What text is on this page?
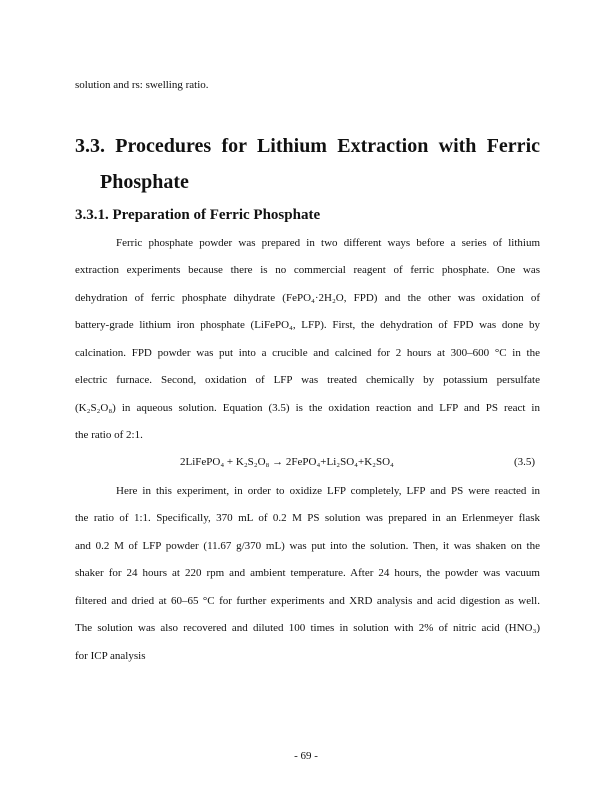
solution and rs: swelling ratio.
3.3. Procedures for Lithium Extraction with Ferric
Phosphate
3.3.1. Preparation of Ferric Phosphate
Ferric phosphate powder was prepared in two different ways before a series of lithium
extraction experiments because there is no commercial reagent of ferric phosphate. One was
dehydration of ferric phosphate dihydrate (FePO₄·2H₂O, FPD) and the other was oxidation of
battery-grade lithium iron phosphate (LiFePO₄, LFP). First, the dehydration of FPD was done by
calcination. FPD powder was put into a crucible and calcined for 2 hours at 300–600 °C in the
electric furnace. Second, oxidation of LFP was treated chemically by potassium persulfate
(K₂S₂O₈) in aqueous solution. Equation (3.5) is the oxidation reaction and LFP and PS react in
the ratio of 2:1.
2LiFePO₄ + K₂S₂O₈ → 2FePO₄+Li₂SO₄+K₂SO₄	(3.5)
Here in this experiment, in order to oxidize LFP completely, LFP and PS were reacted in
the ratio of 1:1. Specifically, 370 mL of 0.2 M PS solution was prepared in an Erlenmeyer flask
and 0.2 M of LFP powder (11.67 g/370 mL) was put into the solution. Then, it was shaken on the
shaker for 24 hours at 220 rpm and ambient temperature. After 24 hours, the powder was vacuum
filtered and dried at 60–65 °C for further experiments and XRD analysis and acid digestion as well.
The solution was also recovered and diluted 100 times in solution with 2% of nitric acid (HNO₃)
for ICP analysis
- 69 -
